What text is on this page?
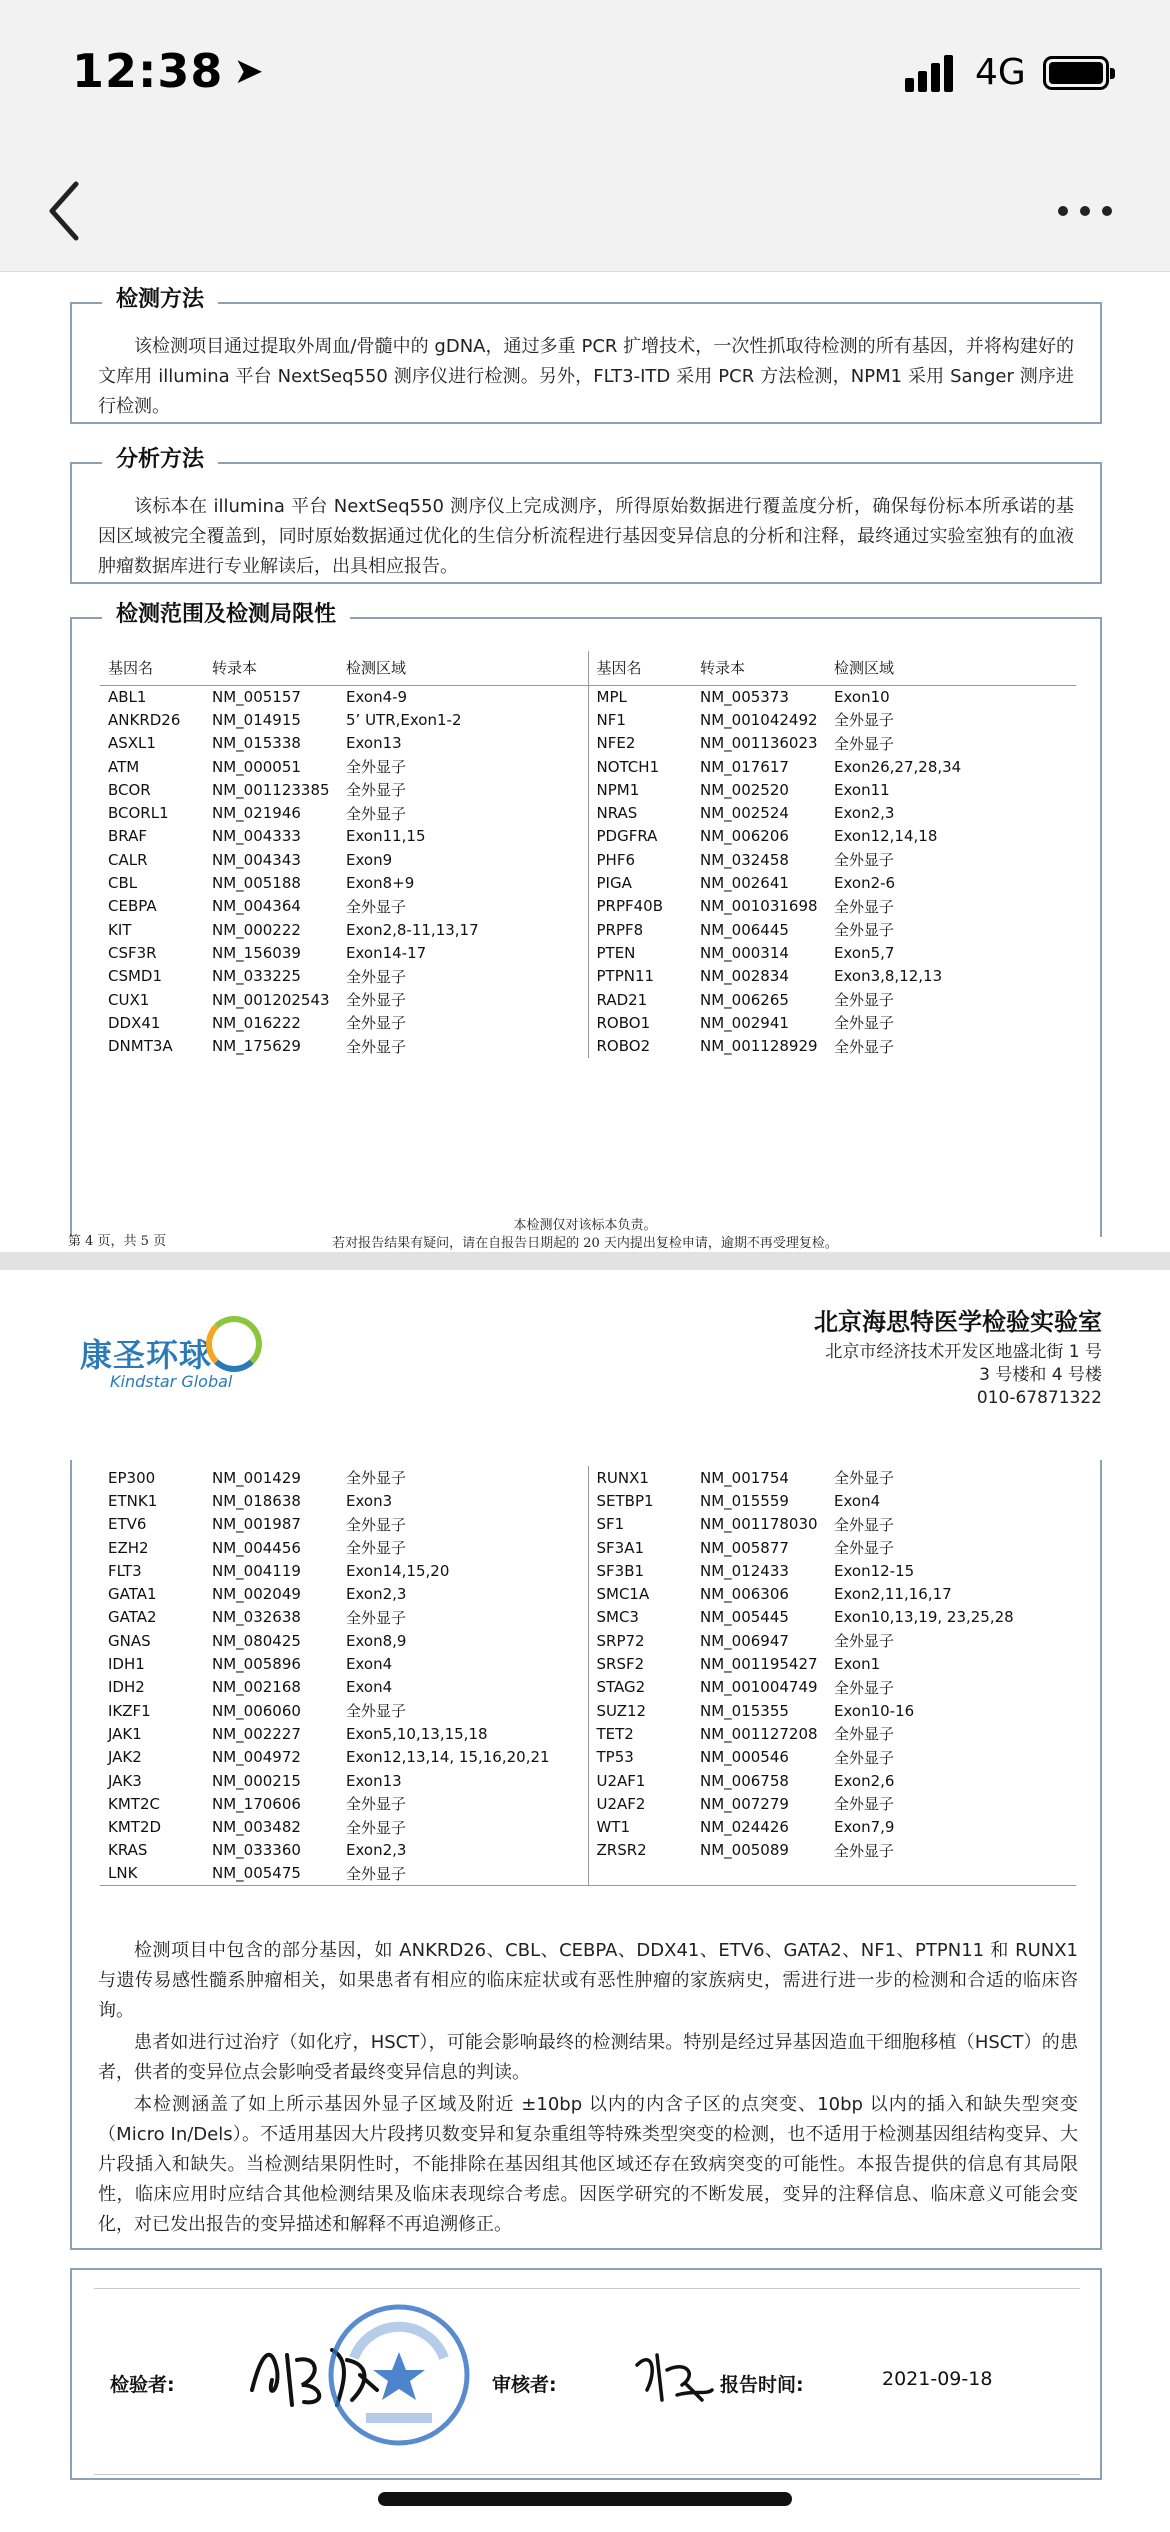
12:38 ➤	4G
检测方法
该检测项目通过提取外周血/骨髓中的 gDNA，通过多重 PCR 扩增技术，一次性抓取待检测的所有基因，并将构建好的文库用 illumina 平台 NextSeq550 测序仪进行检测。另外，FLT3-ITD 采用 PCR 方法检测，NPM1 采用 Sanger 测序进行检测。
分析方法
该标本在 illumina 平台 NextSeq550 测序仪上完成测序，所得原始数据进行覆盖度分析，确保每份标本所承诺的基因区域被完全覆盖到，同时原始数据通过优化的生信分析流程进行基因变异信息的分析和注释，最终通过实验室独有的血液肿瘤数据库进行专业解读后，出具相应报告。
检测范围及检测局限性
基因名	转录本	检测区域	基因名	转录本	检测区域
ABL1	NM_005157	Exon4-9	MPL	NM_005373	Exon10
ANKRD26	NM_014915	5’ UTR,Exon1-2	NF1	NM_001042492	全外显子
ASXL1	NM_015338	Exon13	NFE2	NM_001136023	全外显子
ATM	NM_000051	全外显子	NOTCH1	NM_017617	Exon26,27,28,34
BCOR	NM_001123385	全外显子	NPM1	NM_002520	Exon11
BCORL1	NM_021946	全外显子	NRAS	NM_002524	Exon2,3
BRAF	NM_004333	Exon11,15	PDGFRA	NM_006206	Exon12,14,18
CALR	NM_004343	Exon9	PHF6	NM_032458	全外显子
CBL	NM_005188	Exon8+9	PIGA	NM_002641	Exon2-6
CEBPA	NM_004364	全外显子	PRPF40B	NM_001031698	全外显子
KIT	NM_000222	Exon2,8-11,13,17	PRPF8	NM_006445	全外显子
CSF3R	NM_156039	Exon14-17	PTEN	NM_000314	Exon5,7
CSMD1	NM_033225	全外显子	PTPN11	NM_002834	Exon3,8,12,13
CUX1	NM_001202543	全外显子	RAD21	NM_006265	全外显子
DDX41	NM_016222	全外显子	ROBO1	NM_002941	全外显子
DNMT3A	NM_175629	全外显子	ROBO2	NM_001128929	全外显子
本检测仅对该标本负责。
若对报告结果有疑问，请在自报告日期起的 20 天内提出复检申请，逾期不再受理复检。
第 4 页，共 5 页
康圣环球
Kindstar Global
北京海思特医学检验实验室
北京市经济技术开发区地盛北街 1 号
3 号楼和 4 号楼
010-67871322
EP300	NM_001429	全外显子	RUNX1	NM_001754	全外显子
ETNK1	NM_018638	Exon3	SETBP1	NM_015559	Exon4
ETV6	NM_001987	全外显子	SF1	NM_001178030	全外显子
EZH2	NM_004456	全外显子	SF3A1	NM_005877	全外显子
FLT3	NM_004119	Exon14,15,20	SF3B1	NM_012433	Exon12-15
GATA1	NM_002049	Exon2,3	SMC1A	NM_006306	Exon2,11,16,17
GATA2	NM_032638	全外显子	SMC3	NM_005445	Exon10,13,19, 23,25,28
GNAS	NM_080425	Exon8,9	SRP72	NM_006947	全外显子
IDH1	NM_005896	Exon4	SRSF2	NM_001195427	Exon1
IDH2	NM_002168	Exon4	STAG2	NM_001004749	全外显子
IKZF1	NM_006060	全外显子	SUZ12	NM_015355	Exon10-16
JAK1	NM_002227	Exon5,10,13,15,18	TET2	NM_001127208	全外显子
JAK2	NM_004972	Exon12,13,14, 15,16,20,21	TP53	NM_000546	全外显子
JAK3	NM_000215	Exon13	U2AF1	NM_006758	Exon2,6
KMT2C	NM_170606	全外显子	U2AF2	NM_007279	全外显子
KMT2D	NM_003482	全外显子	WT1	NM_024426	Exon7,9
KRAS	NM_033360	Exon2,3	ZRSR2	NM_005089	全外显子
LNK	NM_005475	全外显子			
检测项目中包含的部分基因，如 ANKRD26、CBL、CEBPA、DDX41、ETV6、GATA2、NF1、PTPN11 和 RUNX1 与遗传易感性髓系肿瘤相关，如果患者有相应的临床症状或有恶性肿瘤的家族病史，需进行进一步的检测和合适的临床咨询。
患者如进行过治疗（如化疗，HSCT），可能会影响最终的检测结果。特别是经过异基因造血干细胞移植（HSCT）的患者，供者的变异位点会影响受者最终变异信息的判读。
本检测涵盖了如上所示基因外显子区域及附近 ±10bp 以内的内含子区的点突变、10bp 以内的插入和缺失型突变（Micro In/Dels）。不适用基因大片段拷贝数变异和复杂重组等特殊类型突变的检测，也不适用于检测基因组结构变异、大片段插入和缺失。当检测结果阴性时，不能排除在基因组其他区域还存在致病突变的可能性。本报告提供的信息有其局限性，临床应用时应结合其他检测结果及临床表现综合考虑。因医学研究的不断发展，变异的注释信息、临床意义可能会变化，对已发出报告的变异描述和解释不再追溯修正。
检验者:	审核者:	报告时间:	2021-09-18
